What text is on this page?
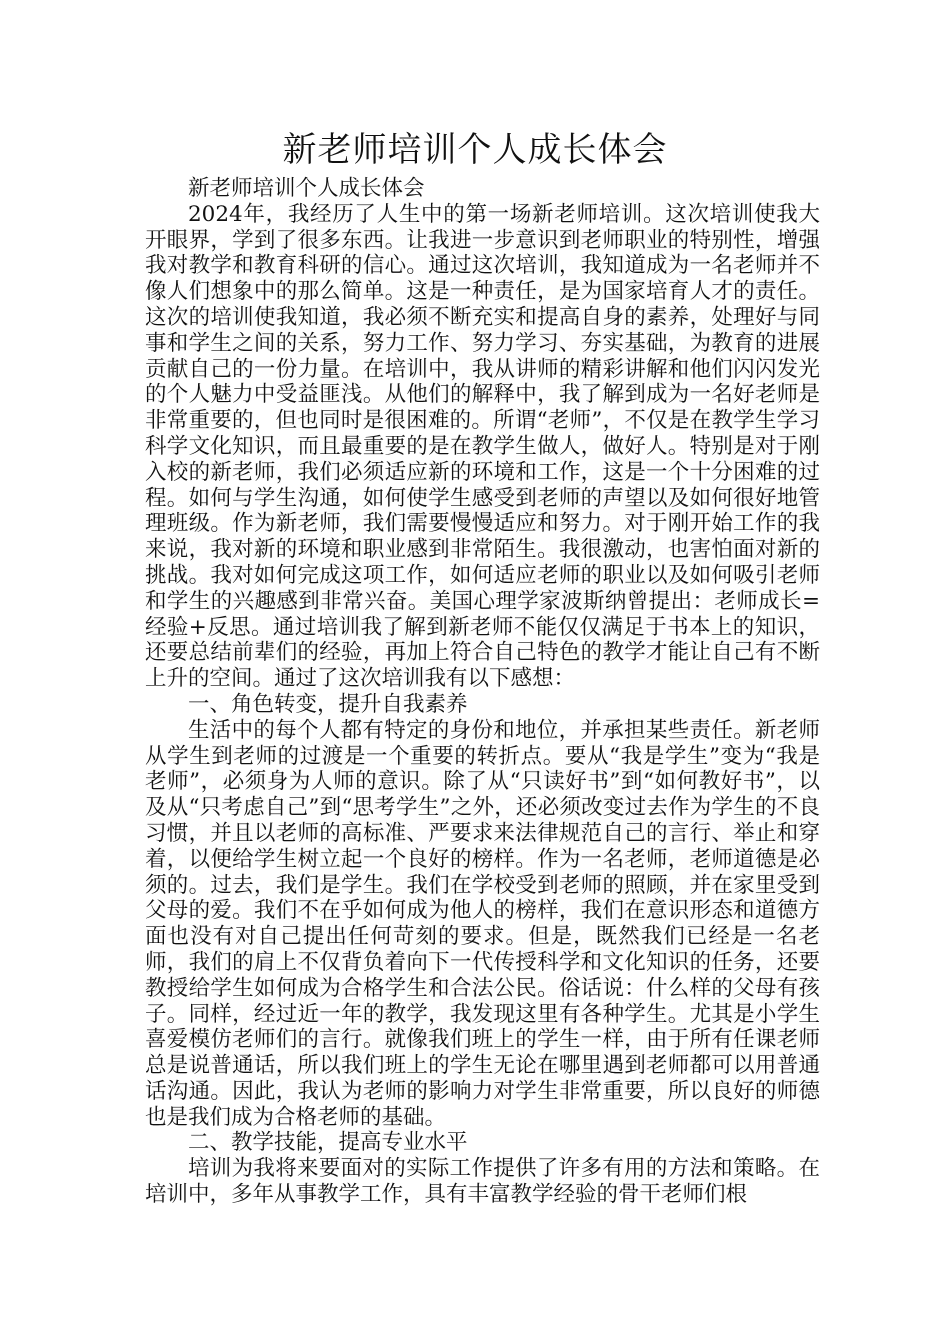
新老师培训个人成长体会

新老师培训个人成长体会

2024年，我经历了人生中的第一场新老师培训。这次培训使我大开眼界，学到了很多东西。让我进一步意识到老师职业的特别性，增强我对教学和教育科研的信心。通过这次培训，我知道成为一名老师并不像人们想象中的那么简单。这是一种责任，是为国家培育人才的责任。这次的培训使我知道，我必须不断充实和提高自身的素养，处理好与同事和学生之间的关系，努力工作、努力学习、夯实基础，为教育的进展贡献自己的一份力量。在培训中，我从讲师的精彩讲解和他们闪闪发光的个人魅力中受益匪浅。从他们的解释中，我了解到成为一名好老师是非常重要的，但也同时是很困难的。所谓“老师”，不仅是在教学生学习科学文化知识，而且最重要的是在教学生做人，做好人。特别是对于刚入校的新老师，我们必须适应新的环境和工作，这是一个十分困难的过程。如何与学生沟通，如何使学生感受到老师的声望以及如何很好地管理班级。作为新老师，我们需要慢慢适应和努力。对于刚开始工作的我来说，我对新的环境和职业感到非常陌生。我很激动，也害怕面对新的挑战。我对如何完成这项工作，如何适应老师的职业以及如何吸引老师和学生的兴趣感到非常兴奋。美国心理学家波斯纳曾提出：老师成长=经验+反思。通过培训我了解到新老师不能仅仅满足于书本上的知识，还要总结前辈们的经验，再加上符合自己特色的教学才能让自己有不断上升的空间。通过了这次培训我有以下感想：

一、角色转变，提升自我素养

生活中的每个人都有特定的身份和地位，并承担某些责任。新老师从学生到老师的过渡是一个重要的转折点。要从“我是学生”变为“我是老师”，必须身为人师的意识。除了从“只读好书”到“如何教好书”，以及从“只考虑自己”到“思考学生”之外，还必须改变过去作为学生的不良习惯，并且以老师的高标准、严要求来法律规范自己的言行、举止和穿着，以便给学生树立起一个良好的榜样。作为一名老师，老师道德是必须的。过去，我们是学生。我们在学校受到老师的照顾，并在家里受到父母的爱。我们不在乎如何成为他人的榜样，我们在意识形态和道德方面也没有对自己提出任何苛刻的要求。但是，既然我们已经是一名老师，我们的肩上不仅背负着向下一代传授科学和文化知识的任务，还要教授给学生如何成为合格学生和合法公民。俗话说：什么样的父母有孩子。同样，经过近一年的教学，我发现这里有各种学生。尤其是小学生喜爱模仿老师们的言行。就像我们班上的学生一样，由于所有任课老师总是说普通话，所以我们班上的学生无论在哪里遇到老师都可以用普通话沟通。因此，我认为老师的影响力对学生非常重要，所以良好的师德也是我们成为合格老师的基础。

二、教学技能，提高专业水平

培训为我将来要面对的实际工作提供了许多有用的方法和策略。在培训中，多年从事教学工作，具有丰富教学经验的骨干老师们根
